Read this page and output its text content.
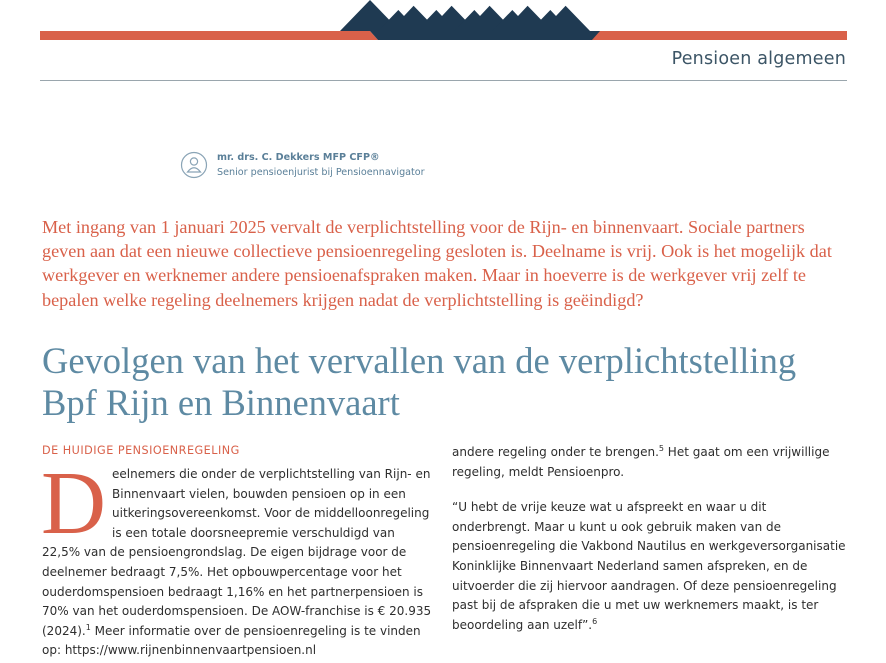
Pensioen algemeen
mr. drs. C. Dekkers MFP CFP®
Senior pensioenjurist bij Pensioennavigator

Met ingang van 1 januari 2025 vervalt de verplichtstelling voor de Rijn- en binnenvaart. Sociale partners geven aan dat een nieuwe collectieve pensioenregeling gesloten is. Deelname is vrij. Ook is het mogelijk dat werkgever en werknemer andere pensioenafspraken maken. Maar in hoeverre is de werkgever vrij zelf te bepalen welke regeling deelnemers krijgen nadat de verplichtstelling is geëindigd?

Gevolgen van het vervallen van de verplichtstelling Bpf Rijn en Binnenvaart
DE HUIDIGE PENSIOENREGELING

Deelnemers die onder de verplichtstelling van Rijn- en Binnenvaart vielen, bouwden pensioen op in een uitkeringsovereenkomst. Voor de middelloonregeling is een totale doorsneepremie verschuldigd van 22,5% van de pensioengrondslag. De eigen bijdrage voor de deelnemer bedraagt 7,5%. Het opbouwpercentage voor het ouderdomspensioen bedraagt 1,16% en het partnerpensioen is 70% van het ouderdomspensioen. De AOW-franchise is € 20.935 (2024).$^1$ Meer informatie over de pensioenregeling is te vinden op: https://www.rijnenbinnenvaartpensioen.nl

andere regeling onder te brengen.$^5$ Het gaat om een vrijwillige regeling, meldt Pensioenpro.

“U hebt de vrije keuze wat u afspreekt en waar u dit onderbrengt. Maar u kunt u ook gebruik maken van de pensioenregeling die Vakbond Nautilus en werkgeversorganisatie Koninklijke Binnenvaart Nederland samen afspreken, en de uitvoerder die zij hiervoor aandragen. Of deze pensioenregeling past bij de afspraken die u met uw werknemers maakt, is ter beoordeling aan uzelf”.$^6$
